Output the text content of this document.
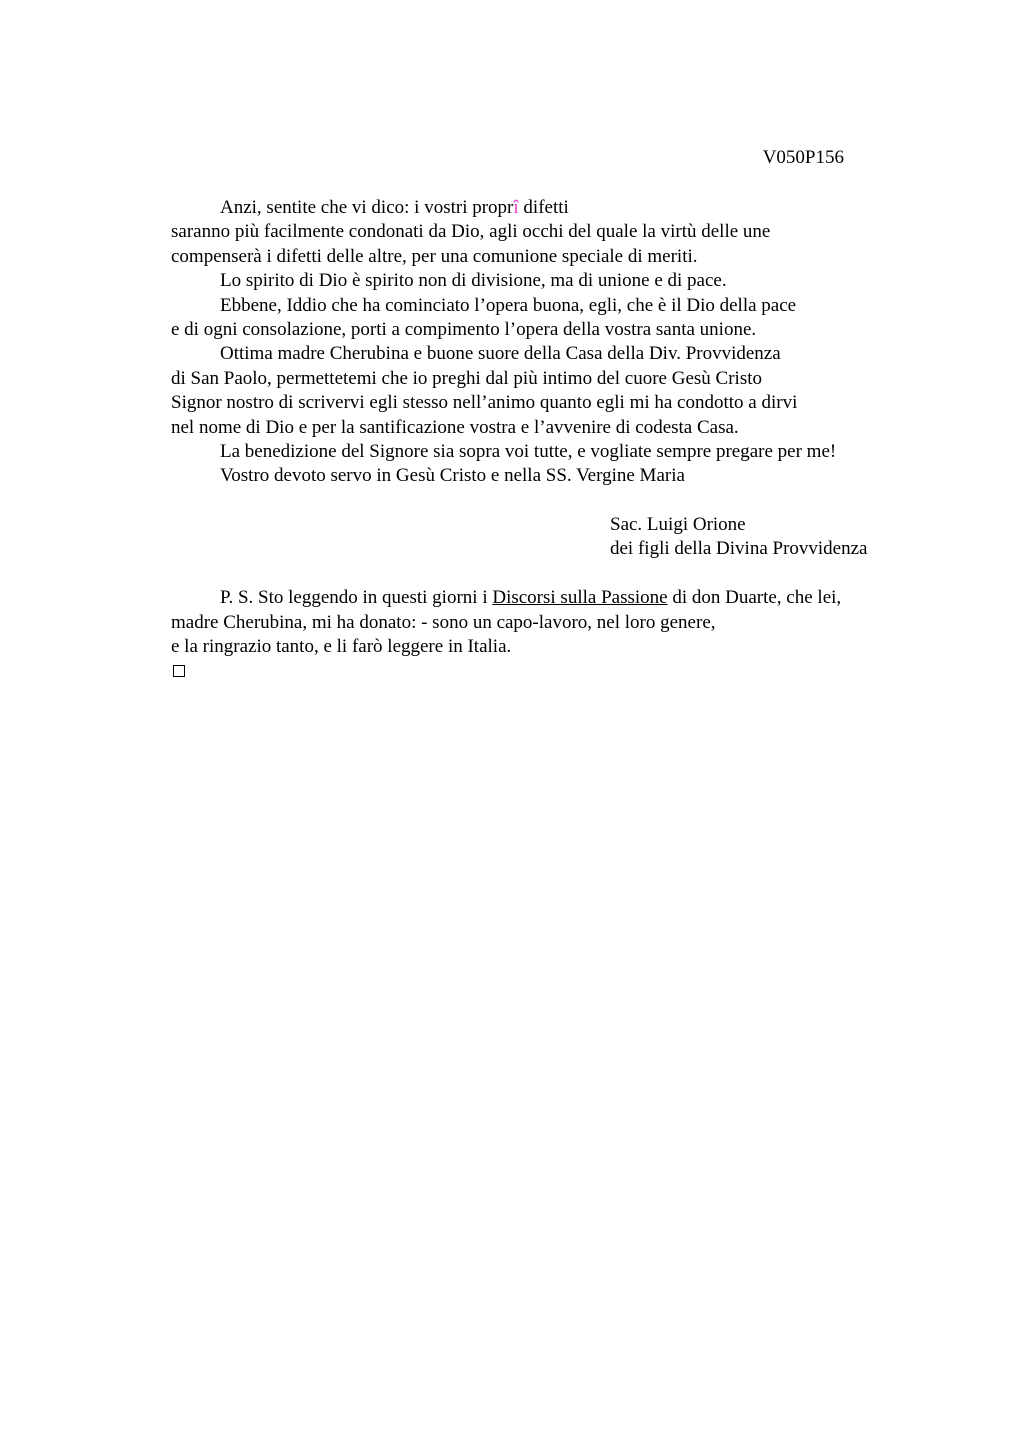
V050P156
Anzi, sentite che vi dico: i vostri proprî difetti
saranno più facilmente condonati da Dio, agli occhi del quale la virtù delle une
compenserà i difetti delle altre, per una comunione speciale di meriti.
Lo spirito di Dio è spirito non di divisione, ma di unione e di pace.
Ebbene, Iddio che ha cominciato l’opera buona, egli, che è il Dio della pace
e di ogni consolazione, porti a compimento l’opera della vostra santa unione.
Ottima madre Cherubina e buone suore della Casa della Div. Provvidenza
di San Paolo, permettetemi che io preghi dal più intimo del cuore Gesù Cristo
Signor nostro di scrivervi egli stesso nell’animo quanto egli mi ha condotto a dirvi
nel nome di Dio e per la santificazione vostra e l’avvenire di codesta Casa.
La benedizione del Signore sia sopra voi tutte, e vogliate sempre pregare per me!
Vostro devoto servo in Gesù Cristo e nella SS. Vergine Maria
Sac. Luigi Orione
dei figli della Divina Provvidenza
P. S. Sto leggendo in questi giorni i Discorsi sulla Passione di don Duarte, che lei,
madre Cherubina, mi ha donato: - sono un capo-lavoro, nel loro genere,
e la ringrazio tanto, e li farò leggere in Italia.
